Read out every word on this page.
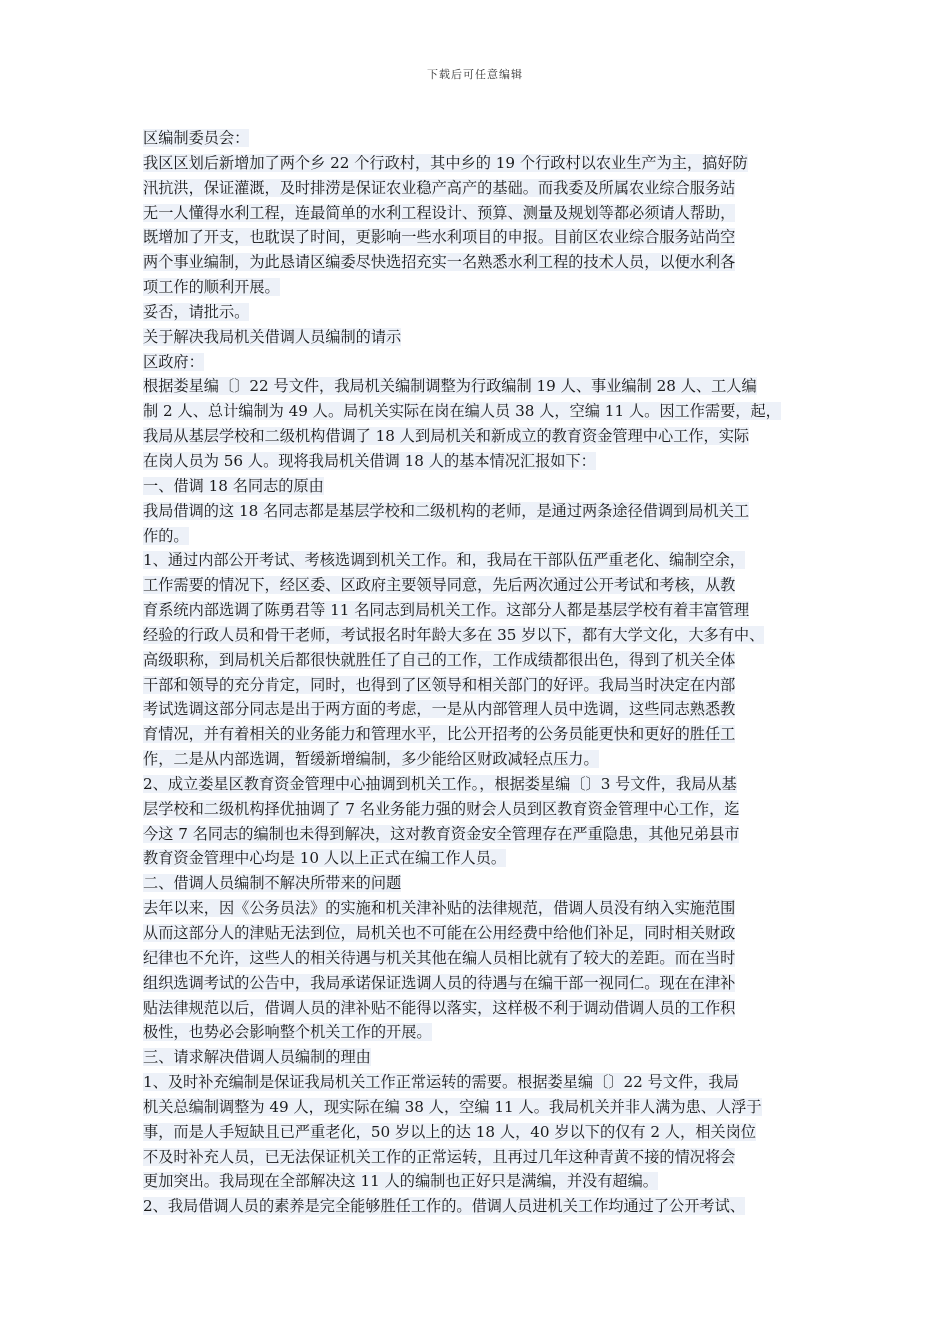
下载后可任意编辑
区编制委员会：
我区区划后新增加了两个乡 22 个行政村，其中乡的 19 个行政村以农业生产为主，搞好防
汛抗洪，保证灌溉，及时排涝是保证农业稳产高产的基础。而我委及所属农业综合服务站
无一人懂得水利工程，连最简单的水利工程设计、预算、测量及规划等都必须请人帮助，
既增加了开支，也耽误了时间，更影响一些水利项目的申报。目前区农业综合服务站尚空
两个事业编制，为此恳请区编委尽快选招充实一名熟悉水利工程的技术人员，以便水利各
项工作的顺利开展。
妥否，请批示。
关于解决我局机关借调人员编制的请示
区政府：
根据娄星编〔〕22 号文件，我局机关编制调整为行政编制 19 人、事业编制 28 人、工人编
制 2 人、总计编制为 49 人。局机关实际在岗在编人员 38 人，空编 11 人。因工作需要，起，
我局从基层学校和二级机构借调了 18 人到局机关和新成立的教育资金管理中心工作，实际
在岗人员为 56 人。现将我局机关借调 18 人的基本情况汇报如下：
一、借调 18 名同志的原由
我局借调的这 18 名同志都是基层学校和二级机构的老师，是通过两条途径借调到局机关工
作的。
1、通过内部公开考试、考核选调到机关工作。和，我局在干部队伍严重老化、编制空余，
工作需要的情况下，经区委、区政府主要领导同意，先后两次通过公开考试和考核，从教
育系统内部选调了陈勇君等 11 名同志到局机关工作。这部分人都是基层学校有着丰富管理
经验的行政人员和骨干老师，考试报名时年龄大多在 35 岁以下，都有大学文化，大多有中、
高级职称，到局机关后都很快就胜任了自己的工作，工作成绩都很出色，得到了机关全体
干部和领导的充分肯定，同时，也得到了区领导和相关部门的好评。我局当时决定在内部
考试选调这部分同志是出于两方面的考虑，一是从内部管理人员中选调，这些同志熟悉教
育情况，并有着相关的业务能力和管理水平，比公开招考的公务员能更快和更好的胜任工
作，二是从内部选调，暂缓新增编制，多少能给区财政减轻点压力。
2、成立娄星区教育资金管理中心抽调到机关工作。，根据娄星编〔〕3 号文件，我局从基
层学校和二级机构择优抽调了 7 名业务能力强的财会人员到区教育资金管理中心工作，迄
今这 7 名同志的编制也未得到解决，这对教育资金安全管理存在严重隐患，其他兄弟县市
教育资金管理中心均是 10 人以上正式在编工作人员。
二、借调人员编制不解决所带来的问题
去年以来，因《公务员法》的实施和机关津补贴的法律规范，借调人员没有纳入实施范围
从而这部分人的津贴无法到位，局机关也不可能在公用经费中给他们补足，同时相关财政
纪律也不允许，这些人的相关待遇与机关其他在编人员相比就有了较大的差距。而在当时
组织选调考试的公告中，我局承诺保证选调人员的待遇与在编干部一视同仁。现在在津补
贴法律规范以后，借调人员的津补贴不能得以落实，这样极不利于调动借调人员的工作积
极性，也势必会影响整个机关工作的开展。
三、请求解决借调人员编制的理由
1、及时补充编制是保证我局机关工作正常运转的需要。根据娄星编〔〕22 号文件，我局
机关总编制调整为 49 人，现实际在编 38 人，空编 11 人。我局机关并非人满为患、人浮于
事，而是人手短缺且已严重老化，50 岁以上的达 18 人，40 岁以下的仅有 2 人，相关岗位
不及时补充人员，已无法保证机关工作的正常运转，且再过几年这种青黄不接的情况将会
更加突出。我局现在全部解决这 11 人的编制也正好只是满编，并没有超编。
2、我局借调人员的素养是完全能够胜任工作的。借调人员进机关工作均通过了公开考试、
